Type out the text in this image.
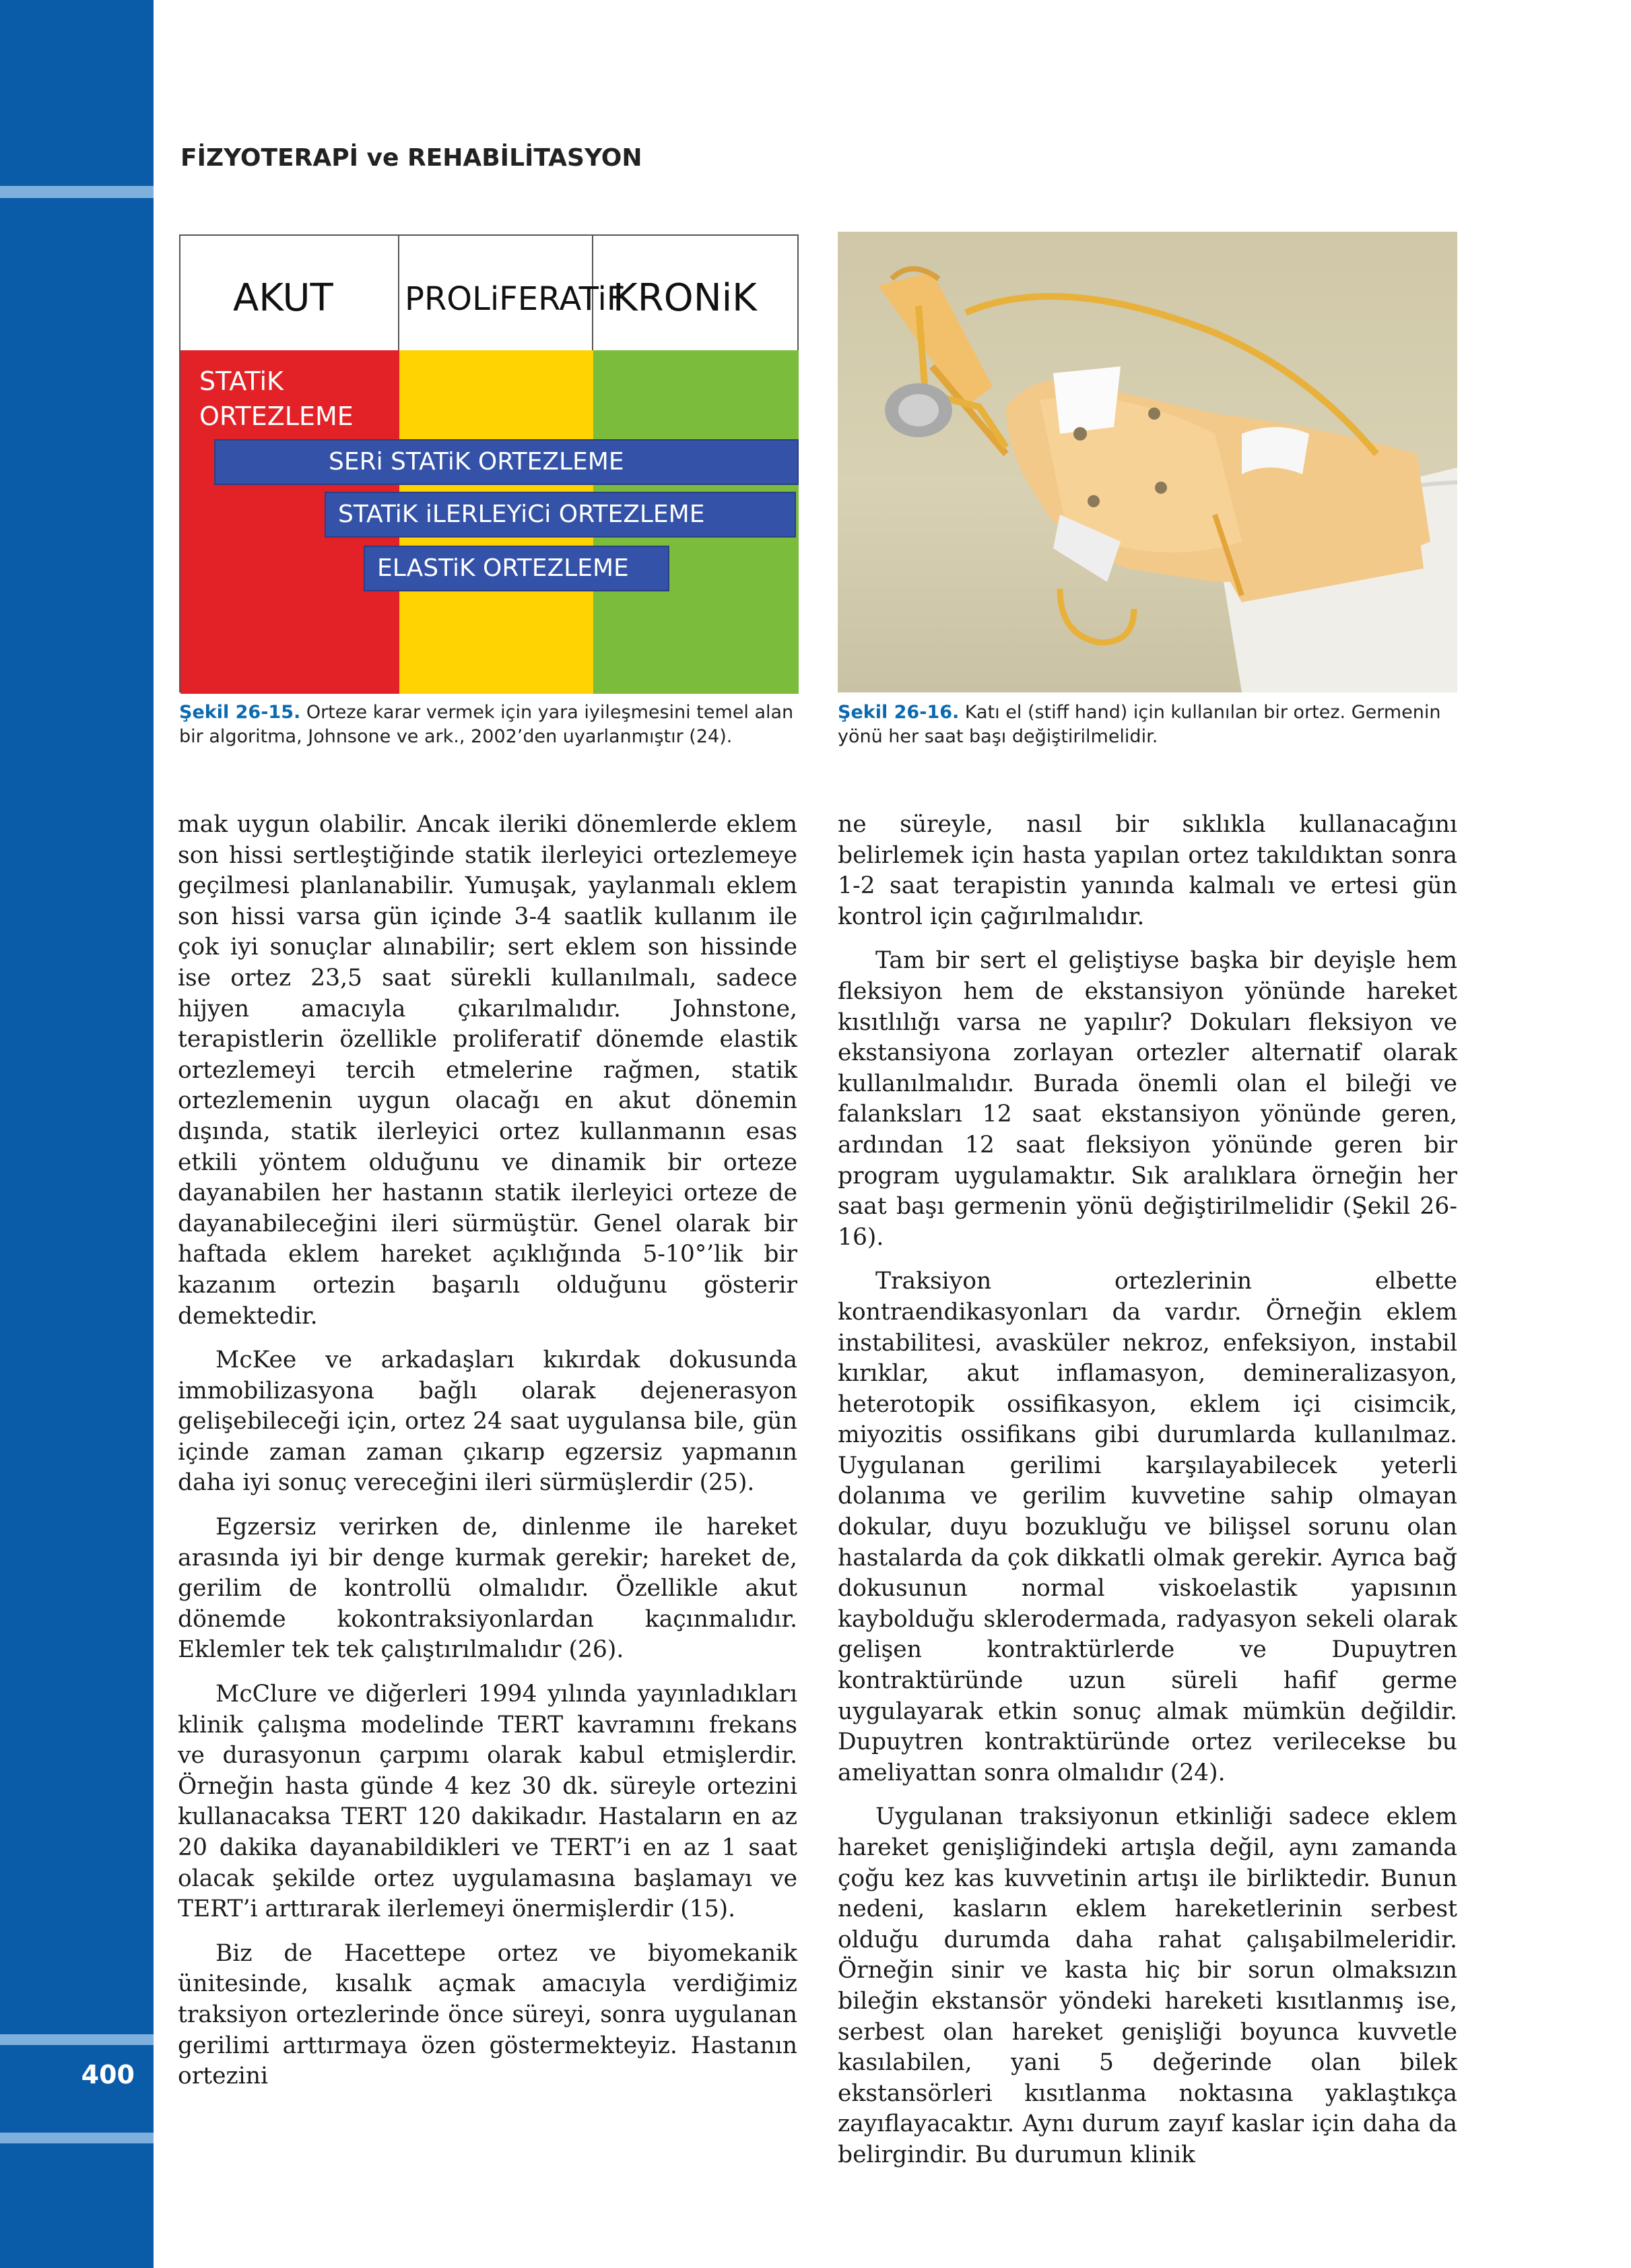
400
FİZYOTERAPİ ve REHABİLİTASYON
AKUT PROLiFERATiF
KRONiK
STATiK ORTEZLEME
SERi STATiK ORTEZLEME
STATiK iLERLEYiCi ORTEZLEME
ELASTiK ORTEZLEME

Şekil 26-15. Orteze karar vermek için yara iyileşmesini temel alan bir algoritma, Johnsone ve ark., 2002’den uyarlanmıştır (24).

Şekil 26-16. Katı el (stiff hand) için kullanılan bir ortez. Germenin yönü her saat başı değiştirilmelidir.

mak uygun olabilir. Ancak ileriki dönemlerde eklem son hissi sertleştiğinde statik ilerleyici ortezlemeye geçilmesi planlanabilir. Yumuşak, yaylanmalı eklem son hissi varsa gün içinde 3-4 saatlik kullanım ile çok iyi sonuçlar alınabilir; sert eklem son hissinde ise ortez 23,5 saat sürekli kullanılmalı, sadece hijyen amacıyla çıkarılmalıdır. Johnstone, terapistlerin özellikle proliferatif dönemde elastik ortezlemeyi tercih etmelerine rağmen, statik ortezlemenin uygun olacağı en akut dönemin dışında, statik ilerleyici ortez kullanmanın esas etkili yöntem olduğunu ve dinamik bir orteze dayanabilen her hastanın statik ilerleyici orteze de dayanabileceğini ileri sürmüştür. Genel olarak bir haftada eklem hareket açıklığında 5-10°’lik bir kazanım ortezin başarılı olduğunu gösterir demektedir.

McKee ve arkadaşları kıkırdak dokusunda immobilizasyona bağlı olarak dejenerasyon gelişebileceği için, ortez 24 saat uygulansa bile, gün içinde zaman zaman çıkarıp egzersiz yapmanın daha iyi sonuç vereceğini ileri sürmüşlerdir (25).

Egzersiz verirken de, dinlenme ile hareket arasında iyi bir denge kurmak gerekir; hareket de, gerilim de kontrollü olmalıdır. Özellikle akut dönemde kokontraksiyonlardan kaçınmalıdır. Eklemler tek tek çalıştırılmalıdır (26).

McClure ve diğerleri 1994 yılında yayınladıkları klinik çalışma modelinde TERT kavramını frekans ve durasyonun çarpımı olarak kabul etmişlerdir. Örneğin hasta günde 4 kez 30 dk. süreyle ortezini kullanacaksa TERT 120 dakikadır. Hastaların en az 20 dakika dayanabildikleri ve TERT’i en az 1 saat olacak şekilde ortez uygulamasına başlamayı ve TERT’i arttırarak ilerlemeyi önermişlerdir (15).

Biz de Hacettepe ortez ve biyomekanik ünitesinde, kısalık açmak amacıyla verdiğimiz traksiyon ortezlerinde önce süreyi, sonra uygulanan gerilimi arttırmaya özen göstermekteyiz. Hastanın ortezini

ne süreyle, nasıl bir sıklıkla kullanacağını belirlemek için hasta yapılan ortez takıldıktan sonra 1-2 saat terapistin yanında kalmalı ve ertesi gün kontrol için çağırılmalıdır.

Tam bir sert el geliştiyse başka bir deyişle hem fleksiyon hem de ekstansiyon yönünde hareket kısıtlılığı varsa ne yapılır? Dokuları fleksiyon ve ekstansiyona zorlayan ortezler alternatif olarak kullanılmalıdır. Burada önemli olan el bileği ve falanksları 12 saat ekstansiyon yönünde geren, ardından 12 saat fleksiyon yönünde geren bir program uygulamaktır. Sık aralıklara örneğin her saat başı germenin yönü değiştirilmelidir (Şekil 26-16).

Traksiyon ortezlerinin elbette kontraendikasyonları da vardır. Örneğin eklem instabilitesi, avasküler nekroz, enfeksiyon, instabil kırıklar, akut inflamasyon, demineralizasyon, heterotopik ossifikasyon, eklem içi cisimcik, miyozitis ossifikans gibi durumlarda kullanılmaz. Uygulanan gerilimi karşılayabilecek yeterli dolanıma ve gerilim kuvvetine sahip olmayan dokular, duyu bozukluğu ve bilişsel sorunu olan hastalarda da çok dikkatli olmak gerekir. Ayrıca bağ dokusunun normal viskoelastik yapısının kaybolduğu sklerodermada, radyasyon sekeli olarak gelişen kontraktürlerde ve Dupuytren kontraktüründe uzun süreli hafif germe uygulayarak etkin sonuç almak mümkün değildir. Dupuytren kontraktüründe ortez verilecekse bu ameliyattan sonra olmalıdır (24).

Uygulanan traksiyonun etkinliği sadece eklem hareket genişliğindeki artışla değil, aynı zamanda çoğu kez kas kuvvetinin artışı ile birliktedir. Bunun nedeni, kasların eklem hareketlerinin serbest olduğu durumda daha rahat çalışabilmeleridir. Örneğin sinir ve kasta hiç bir sorun olmaksızın bileğin ekstansör yöndeki hareketi kısıtlanmış ise, serbest olan hareket genişliği boyunca kuvvetle kasılabilen, yani 5 değerinde olan bilek ekstansörleri kısıtlanma noktasına yaklaştıkça zayıflayacaktır. Aynı durum zayıf kaslar için daha da belirgindir. Bu durumun klinik
